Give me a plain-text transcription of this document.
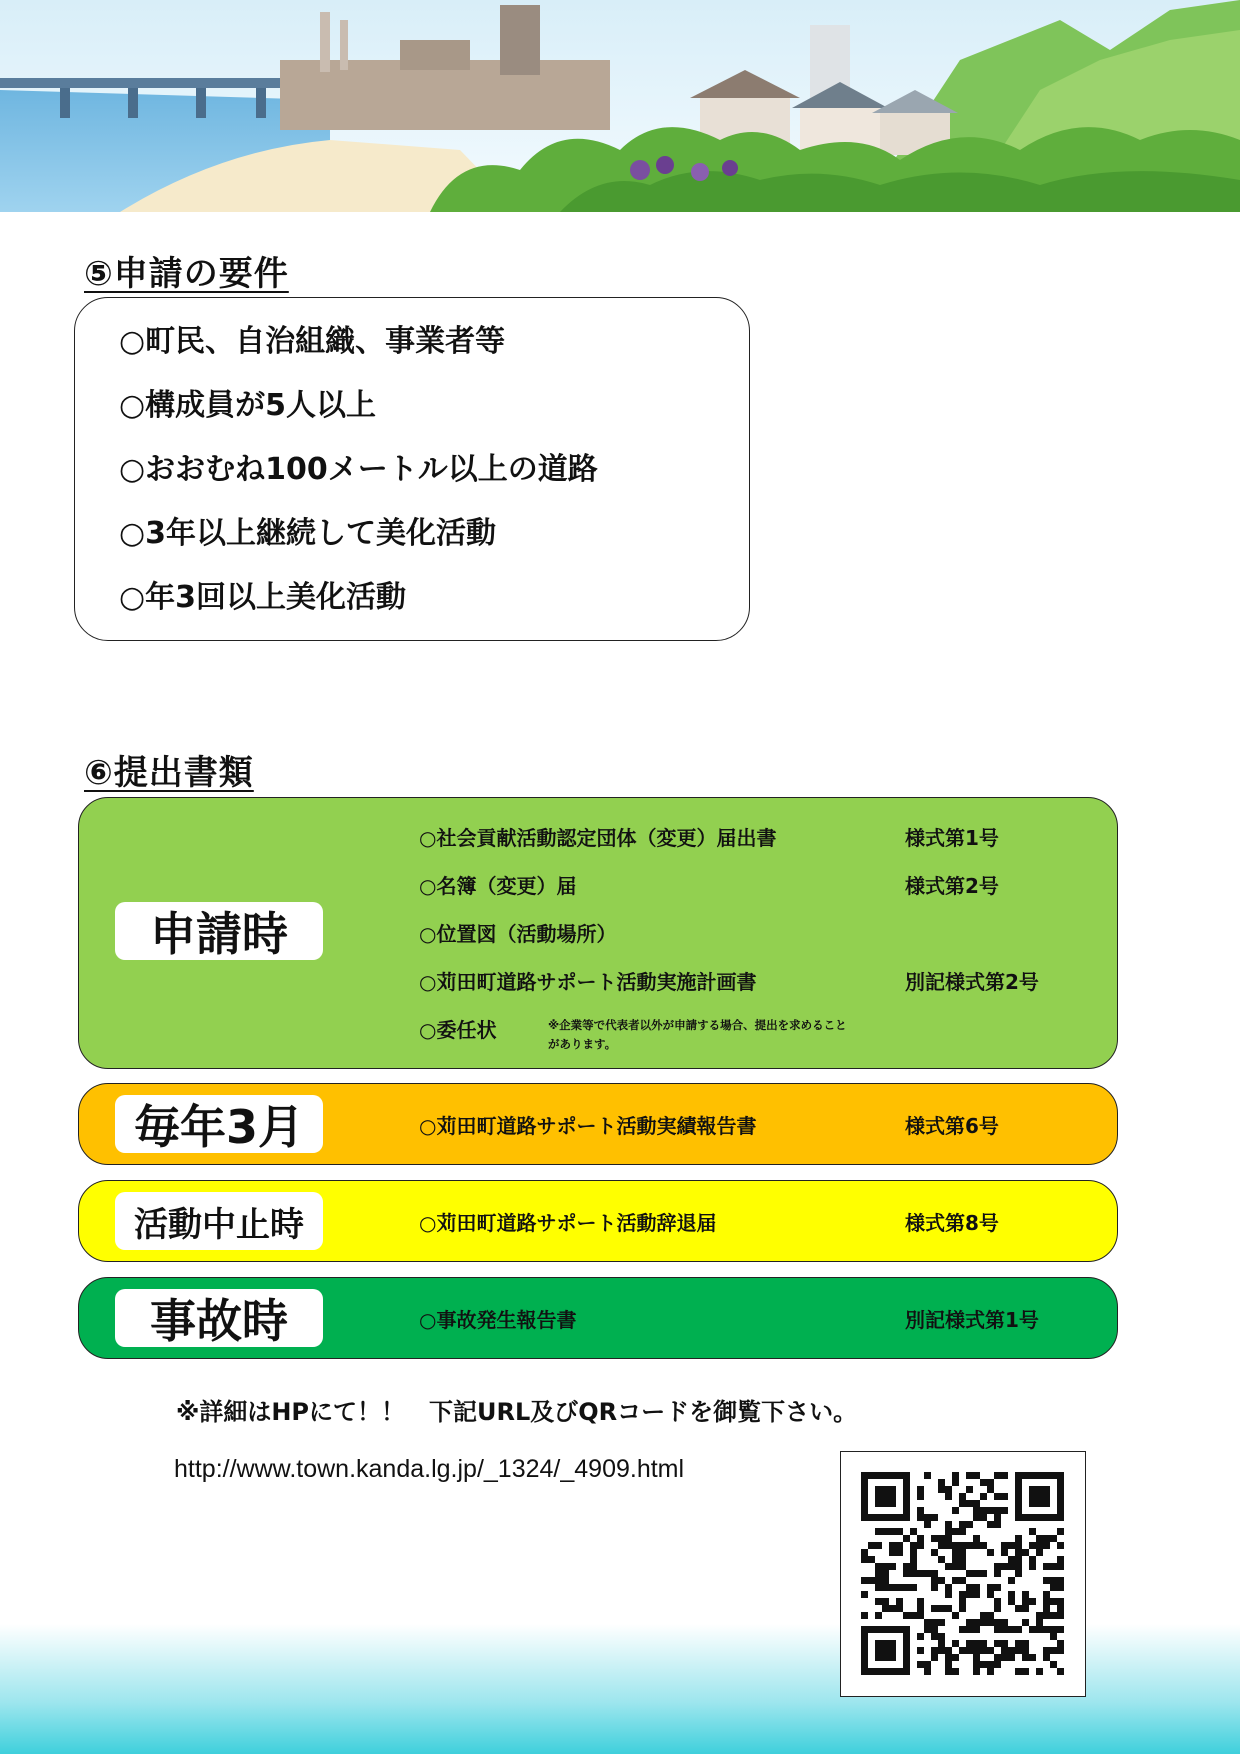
⑤申請の要件
○町民、自治組織、事業者等
○構成員が5人以上
○おおむね100メートル以上の道路
○3年以上継続して美化活動
○年3回以上美化活動
⑥提出書類
申請時
○社会貢献活動認定団体（変更）届出書	様式第1号
○名簿（変更）届	様式第2号
○位置図（活動場所）
○苅田町道路サポート活動実施計画書	別記様式第2号
○委任状	※企業等で代表者以外が申請する場合、提出を求めることがあります。
毎年3月	○苅田町道路サポート活動実績報告書	様式第6号
活動中止時	○苅田町道路サポート活動辞退届	様式第8号
事故時	○事故発生報告書	別記様式第1号
※詳細はHPにて！！　下記URL及びQRコードを御覧下さい。
http://www.town.kanda.lg.jp/_1324/_4909.html
